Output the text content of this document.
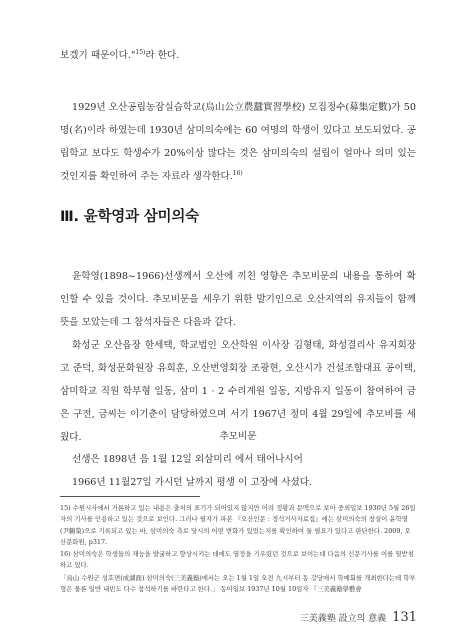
보겠기 때문이다."$^{15)}$라 한다.

1929년 오산공립농잠실습학교(烏山公立農蠶實習學校) 모집정수(募集定數)가 50명(名)이라 하였는데 1930년 삼미의숙에는 60 여명의 학생이 있다고 보도되었다. 공립학교 보다도 학생수가 20%이상 많다는 것은 삼미의숙의 설립이 얼마나 의미 있는 것인지를 확인하여 주는 자료라 생각한다.$^{16)}$

Ⅲ. 윤학영과 삼미의숙

윤학영(1898~1966)선생께서 오산에 끼친 영향은 추모비문의 내용을 통하여 확인할 수 있을 것이다. 추모비문을 세우기 위한 발기인으로 오산지역의 유지들이 함께 뜻을 모았는데 그 참석자들은 다음과 같다.

화성군 오산읍장 한세택, 학교법인 오산학원 이사장 김형태, 화성결리사 유지회장 고 준덕, 화성문화원장 유희훈, 오산번영회장 조광현, 오산시가 건설조합대표 공이택, 삼미학교 직원 학부형 일동, 삼미 1 · 2 수리계원 일동, 지방유지 일동이 참여하여 금은 구전, 금씨는 이기춘이 담당하였으며 서기 1967년 정미 4월 29일에 추모비를 세웠다.	추모비문
선생은 1898년 음 1월 12일 외삼미리 에서 태어나시어
1966년 11월27일 가시던 날까지 평생 이 고장에 사셨다.

15) 수원시사에서 거론하고 있는 내용은 출처의 표기가 되어있지 않지만 어려 정황과 문맥으로 보아 중외일보 1930년 5월 26일자의 기사를 인용하고 있는 것으로 보인다. 그러나 필자가 파본 『오산인문 : 정석거사자료집』에는 삼미의숙의 창설이 윤학영(尹鶴榮)으로 기록되고 있는 바, 삼미의숙 측로 당시의 어떤 변화가 있었는지를 확인하여 둘 필요가 있다고 판단한다. 2009, 오산문화원, p317.

16) 삼미의숙은 학생들의 재능을 발굴하고 향상시키는 데에도 열정을 기우렸던 것으로 보이는데 다음의 신문기사를 이를 뒷받침하고 있다.

「烏山 수원군 성호면(成湖面) 삼미의숙(三美義塾)에서는 오는 1월 1일 오전 九시부터 동 강당에서 학예회를 개최한다는데 학부형은 물론 일반 내빈도 다수 참석하기를 바란다고 한다.」 동아일보 1937년 10월 10일자 『三美義塾學藝會

三美義塾 設立의 意義 131
